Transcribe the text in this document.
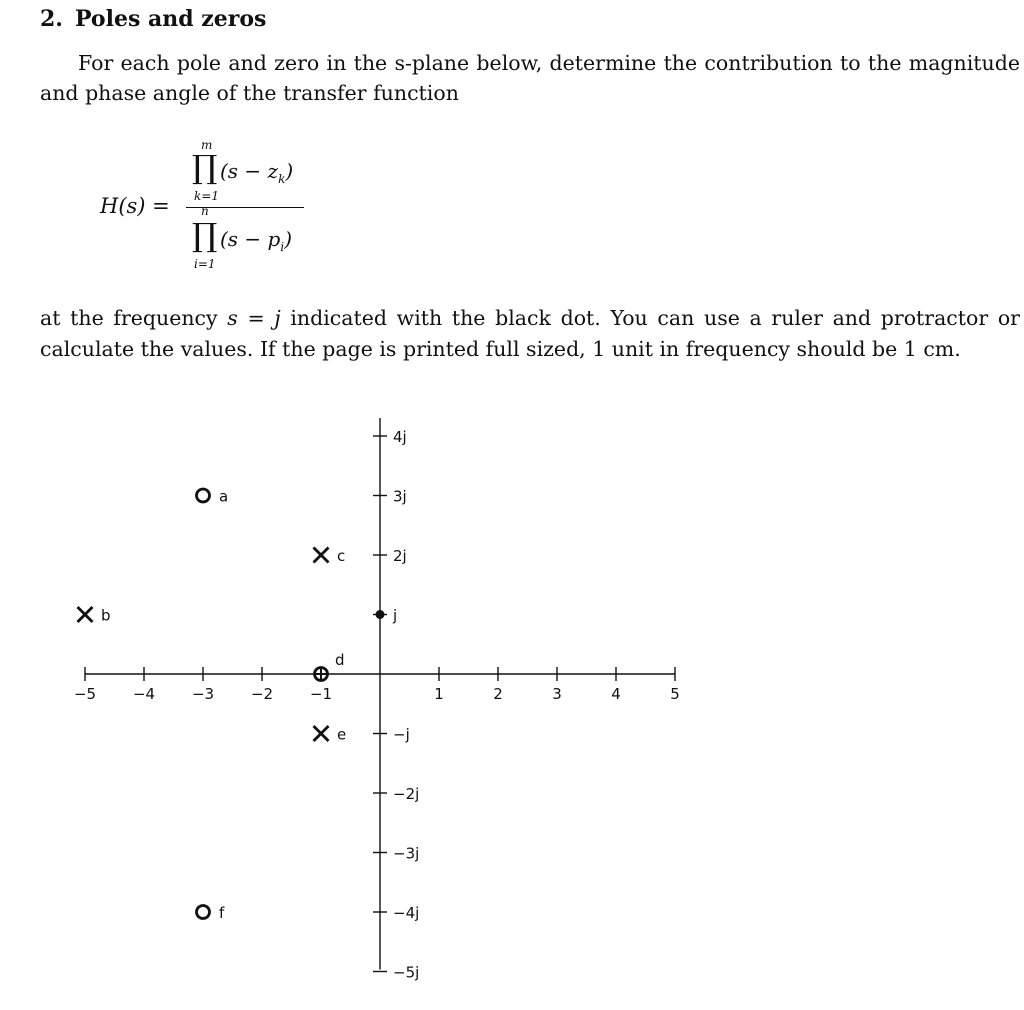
2. Poles and zeros

For each pole and zero in the s-plane below, determine the contribution to the magnitude and phase angle of the transfer function

H(s) =
m
∏
k=1
$(s - z_k)$
n
∏
i=1
$(s - p_i)$

at the frequency s = j indicated with the black dot. You can use a ruler and protractor or calculate the values. If the page is printed full sized, 1 unit in frequency should be 1 cm.

−5 −4 −3 −2 −1	1	2	3	4	5
4j
3j
2j
j
−j
−2j
−3j
−4j
−5j
a
b
c
d
e
f
